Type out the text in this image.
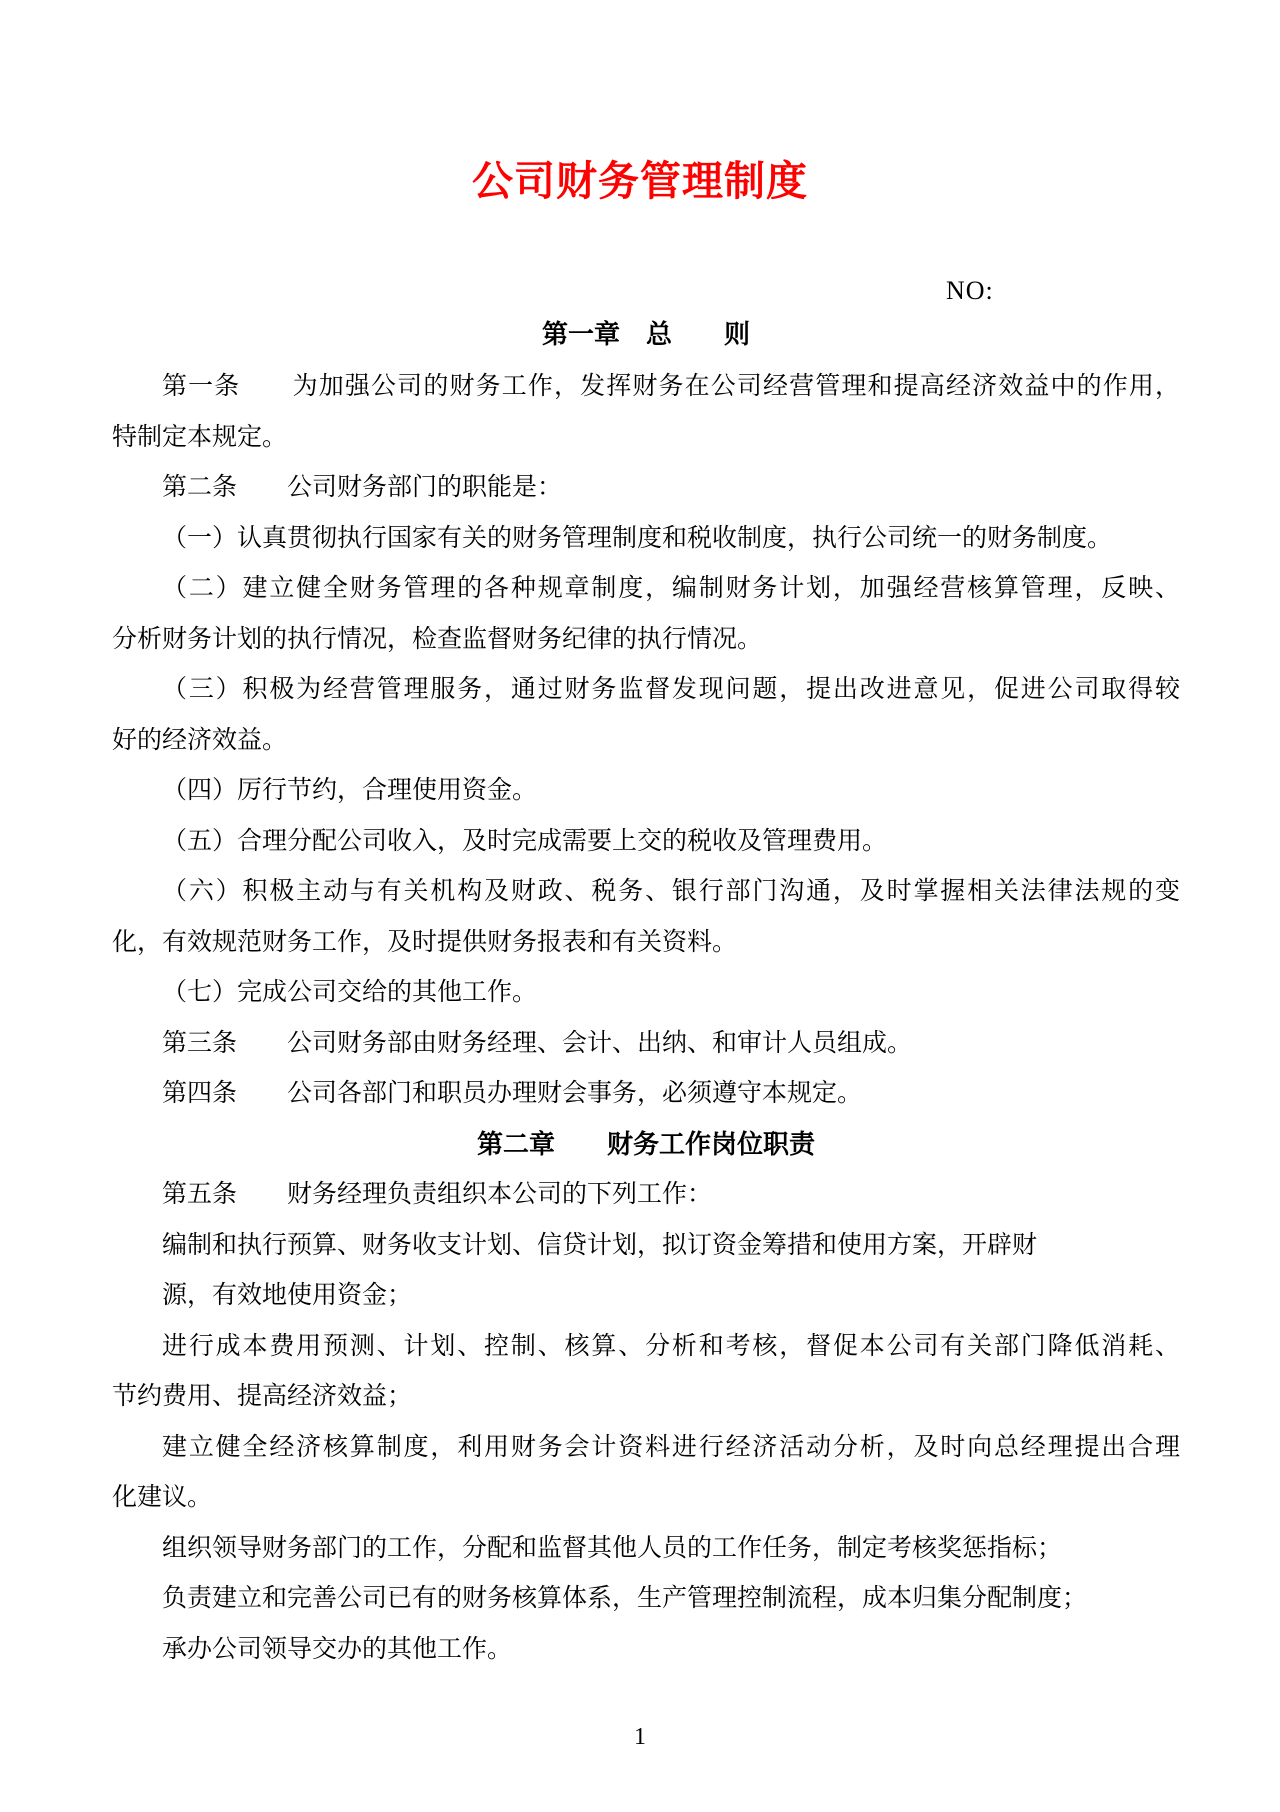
公司财务管理制度
NO:
第一章　总　　则
第一条　　为加强公司的财务工作，发挥财务在公司经营管理和提高经济效益中的作用，
特制定本规定。
第二条　　公司财务部门的职能是：
（一）认真贯彻执行国家有关的财务管理制度和税收制度，执行公司统一的财务制度。
（二）建立健全财务管理的各种规章制度，编制财务计划，加强经营核算管理，反映、
分析财务计划的执行情况，检查监督财务纪律的执行情况。
（三）积极为经营管理服务，通过财务监督发现问题，提出改进意见，促进公司取得较
好的经济效益。
（四）厉行节约，合理使用资金。
（五）合理分配公司收入，及时完成需要上交的税收及管理费用。
（六）积极主动与有关机构及财政、税务、银行部门沟通，及时掌握相关法律法规的变
化，有效规范财务工作，及时提供财务报表和有关资料。
（七）完成公司交给的其他工作。
第三条　　公司财务部由财务经理、会计、出纳、和审计人员组成。
第四条　　公司各部门和职员办理财会事务，必须遵守本规定。
第二章　　财务工作岗位职责
第五条　　财务经理负责组织本公司的下列工作：
编制和执行预算、财务收支计划、信贷计划，拟订资金筹措和使用方案，开辟财
源，有效地使用资金；
进行成本费用预测、计划、控制、核算、分析和考核，督促本公司有关部门降低消耗、
节约费用、提高经济效益；
建立健全经济核算制度，利用财务会计资料进行经济活动分析，及时向总经理提出合理
化建议。
组织领导财务部门的工作，分配和监督其他人员的工作任务，制定考核奖惩指标；
负责建立和完善公司已有的财务核算体系，生产管理控制流程，成本归集分配制度；
承办公司领导交办的其他工作。
1
